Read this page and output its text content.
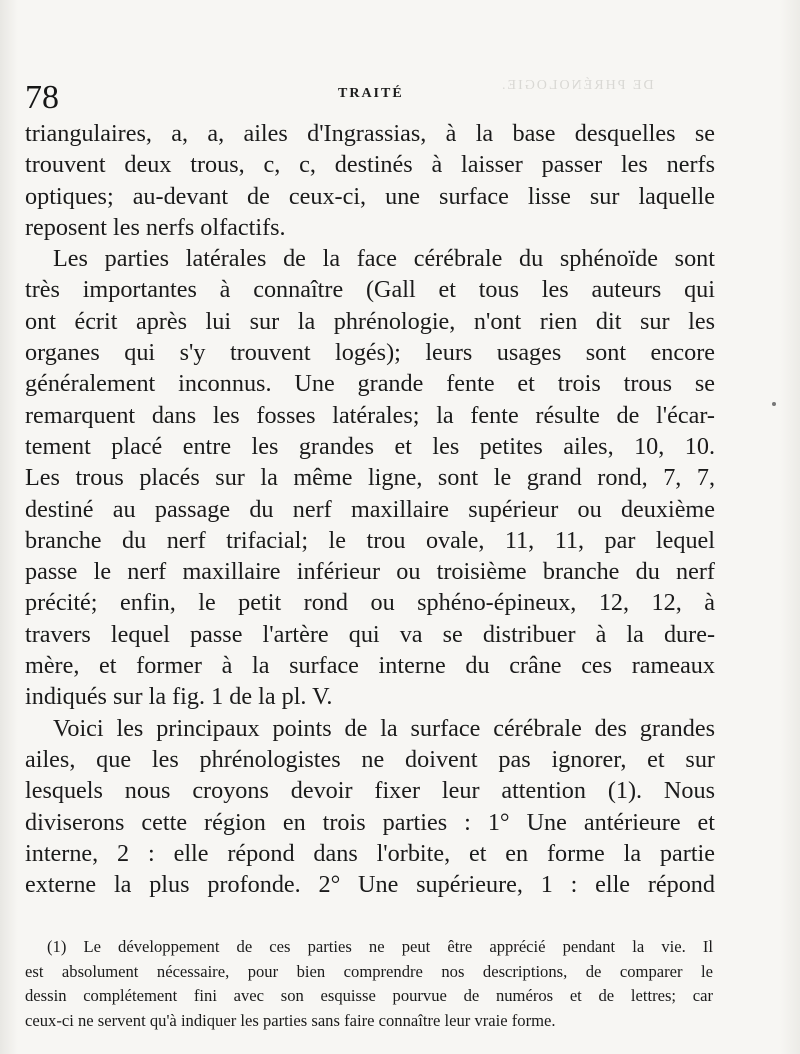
DE PHRÉNOLOGIE.
78	TRAITÉ
triangulaires, a, a, ailes d'Ingrassias, à la base desquelles se
trouvent deux trous, c, c, destinés à laisser passer les nerfs
optiques; au-devant de ceux-ci, une surface lisse sur laquelle
reposent les nerfs olfactifs.
Les parties latérales de la face cérébrale du sphénoïde sont
très importantes à connaître (Gall et tous les auteurs qui
ont écrit après lui sur la phrénologie, n'ont rien dit sur les
organes qui s'y trouvent logés); leurs usages sont encore
généralement inconnus. Une grande fente et trois trous se
remarquent dans les fosses latérales; la fente résulte de l'écar-
tement placé entre les grandes et les petites ailes, 10, 10.
Les trous placés sur la même ligne, sont le grand rond, 7, 7,
destiné au passage du nerf maxillaire supérieur ou deuxième
branche du nerf trifacial; le trou ovale, 11, 11, par lequel
passe le nerf maxillaire inférieur ou troisième branche du nerf
précité; enfin, le petit rond ou sphéno-épineux, 12, 12, à
travers lequel passe l'artère qui va se distribuer à la dure-
mère, et former à la surface interne du crâne ces rameaux
indiqués sur la fig. 1 de la pl. V.
Voici les principaux points de la surface cérébrale des grandes
ailes, que les phrénologistes ne doivent pas ignorer, et sur
lesquels nous croyons devoir fixer leur attention (1). Nous
diviserons cette région en trois parties : 1° Une antérieure et
interne, 2 : elle répond dans l'orbite, et en forme la partie
externe la plus profonde. 2° Une supérieure, 1 : elle répond
(1) Le développement de ces parties ne peut être apprécié pendant la vie. Il
est absolument nécessaire, pour bien comprendre nos descriptions, de comparer le
dessin complétement fini avec son esquisse pourvue de numéros et de lettres; car
ceux-ci ne servent qu'à indiquer les parties sans faire connaître leur vraie forme.
